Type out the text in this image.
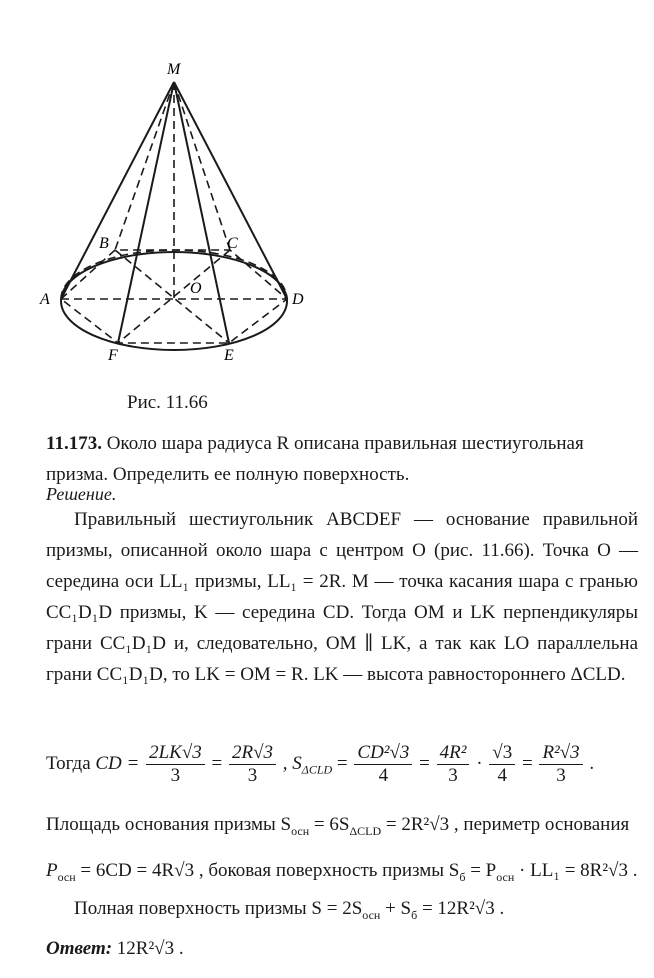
M
B	C
A
O
D
F	E
Рис. 11.66
11.173. Около шара радиуса R описана правильная шестиугольная призма. Определить ее полную поверхность.
Решение.
Правильный шестиугольник ABCDEF — основание правильной призмы, описанной около шара с центром O (рис. 11.66). Точка O — середина оси LL₁ призмы, LL₁ = 2R. M — точка касания шара с гранью CC₁D₁D призмы, K — середина CD. Тогда OM и LK перпендикуляры грани CC₁D₁D и, следовательно, OM ∥ LK, а так как LO параллельна грани CC₁D₁D, то LK = OM = R. LK — высота равностороннего ΔCLD.
Тогда CD = $\frac{2LK√3}{3} = \frac{2R√3}{3}$ , $S_{\Delta CLD} = \frac{\text{CD²√3}}{4} = \frac{\text{4R²}}{3} \cdot \frac{√3}{4} = \frac{\text{R²√3}}{3}$ .
Площадь основания призмы $S_{осн} = 6S_{\Delta CLD} = 2R^2√3$ , периметр основания
$P_{осн} = 6CD = 4R√3$ , боковая поверхность призмы $S_б = P_{осн} \cdot LL_1 = 8R^2√3$ .
Полная поверхность призмы $S = 2S_{осн} + S_б = 12R^2√3$ .
Ответ: 12R²√3 .
